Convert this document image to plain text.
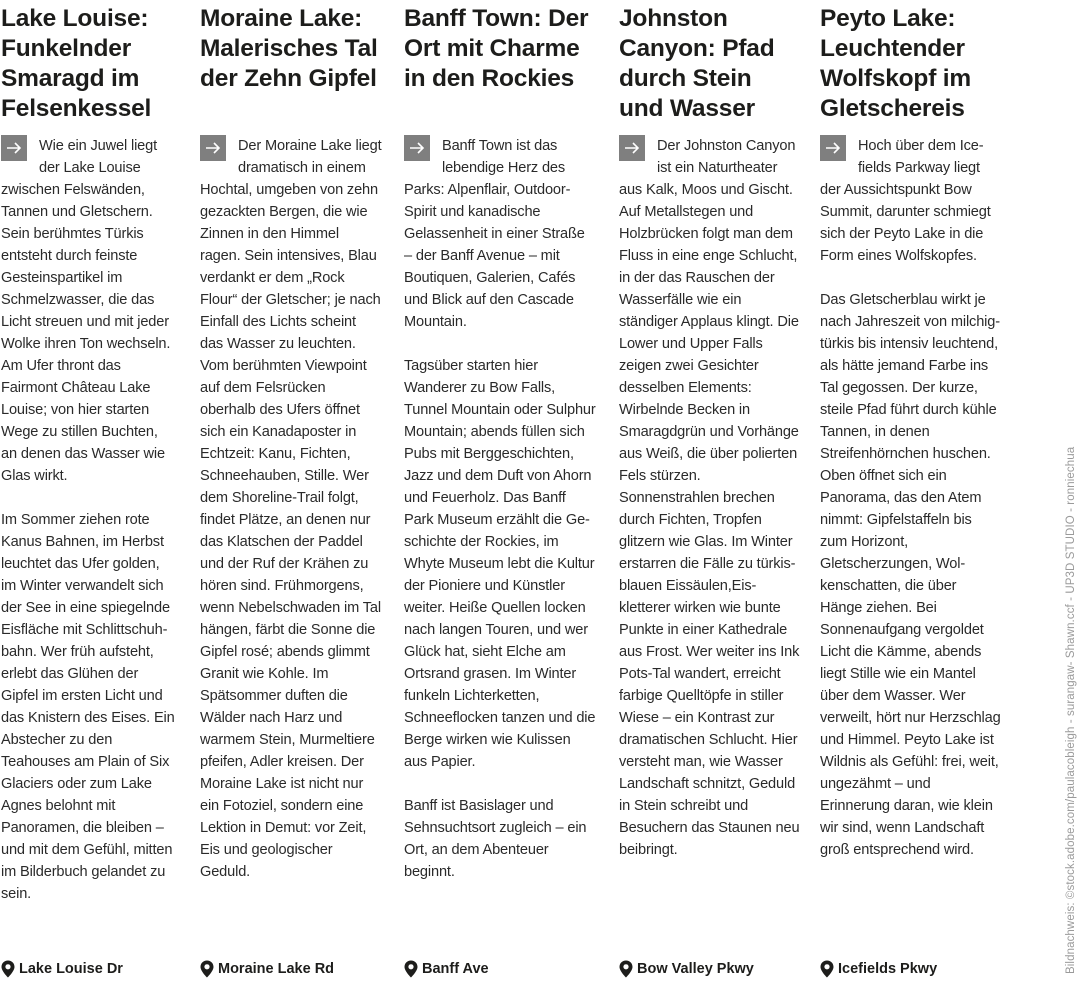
Lake Louise: Funkelnder Smaragd im Felsenkessel

Wie ein Juwel liegt der Lake Louise zwischen Felswänden, Tannen und Gletschern. Sein berühmtes Türkis entsteht durch feinste Gesteinspartikel im Schmelzwasser, die das Licht streuen und mit jeder Wolke ihren Ton wechseln. Am Ufer thront das Fairmont Château Lake Louise; von hier starten Wege zu stillen Buchten, an denen das Wasser wie Glas wirkt.

Im Sommer ziehen rote Kanus Bahnen, im Herbst leuchtet das Ufer golden, im Winter verwandelt sich der See in eine spiegelnde Eisfläche mit Schlittschuhbahn. Wer früh aufsteht, erlebt das Glühen der Gipfel im ersten Licht und das Knistern des Eises. Ein Abstecher zu den Teahouses am Plain of Six Glaciers oder zum Lake Agnes belohnt mit Panoramen, die bleiben – und mit dem Gefühl, mitten im Bilderbuch gelandet zu sein.

Lake Louise Dr
Moraine Lake: Malerisches Tal der Zehn Gipfel

Der Moraine Lake liegt dramatisch in einem Hochtal, umgeben von zehn gezackten Bergen, die wie Zinnen in den Himmel ragen. Sein intensives, Blau verdankt er dem „Rock Flour“ der Gletscher; je nach Einfall des Lichts scheint das Wasser zu leuchten. Vom berühmten Viewpoint auf dem Felsrücken oberhalb des Ufers öffnet sich ein Kanadaposter in Echtzeit: Kanu, Fichten, Schneehauben, Stille. Wer dem Shoreline-Trail folgt, findet Plätze, an denen nur das Klatschen der Paddel und der Ruf der Krähen zu hören sind. Frühmorgens, wenn Nebelschwaden im Tal hängen, färbt die Sonne die Gipfel rosé; abends glimmt Granit wie Kohle. Im Spätsommer duften die Wälder nach Harz und warmem Stein, Murmeltiere pfeifen, Adler kreisen. Der Moraine Lake ist nicht nur ein Fotoziel, sondern eine Lektion in Demut: vor Zeit, Eis und geologischer Geduld.

Moraine Lake Rd
Banff Town: Der Ort mit Charme in den Rockies

Banff Town ist das lebendige Herz des Parks: Alpenflair, Outdoor-Spirit und kanadische Gelassenheit in einer Straße – der Banff Avenue – mit Boutiquen, Galerien, Cafés und Blick auf den Cascade Mountain.

Tagsüber starten hier Wanderer zu Bow Falls, Tunnel Mountain oder Sulphur Mountain; abends füllen sich Pubs mit Berggeschichten, Jazz und dem Duft von Ahorn und Feuerholz. Das Banff Park Museum erzählt die Geschichte der Rockies, im Whyte Museum lebt die Kultur der Pioniere und Künstler weiter. Heiße Quellen locken nach langen Touren, und wer Glück hat, sieht Elche am Ortsrand grasen. Im Winter funkeln Lichterketten, Schneeflocken tanzen und die Berge wirken wie Kulissen aus Papier.

Banff ist Basislager und Sehnsuchtsort zugleich – ein Ort, an dem Abenteuer beginnt.

Banff Ave
Johnston Canyon: Pfad durch Stein und Wasser

Der Johnston Canyon ist ein Naturtheater aus Kalk, Moos und Gischt. Auf Metallstegen und Holzbrücken folgt man dem Fluss in eine enge Schlucht, in der das Rauschen der Wasserfälle wie ein ständiger Applaus klingt. Die Lower und Upper Falls zeigen zwei Gesichter desselben Elements: Wirbelnde Becken in Smaragdgrün und Vorhänge aus Weiß, die über polierten Fels stürzen. Sonnenstrahlen brechen durch Fichten, Tropfen glitzern wie Glas. Im Winter erstarren die Fälle zu türkisblauen Eissäulen,Eiskletterer wirken wie bunte Punkte in einer Kathedrale aus Frost. Wer weiter ins Ink Pots-Tal wandert, erreicht farbige Quelltöpfe in stiller Wiese – ein Kontrast zur dramatischen Schlucht. Hier versteht man, wie Wasser Landschaft schnitzt, Geduld in Stein schreibt und Besuchern das Staunen neu beibringt.

Bow Valley Pkwy
Peyto Lake: Leuchtender Wolfskopf im Gletschereis

Hoch über dem Icefields Parkway liegt der Aussichtspunkt Bow Summit, darunter schmiegt sich der Peyto Lake in die Form eines Wolfskopfes.

Das Gletscherblau wirkt je nach Jahreszeit von milchig-türkis bis intensiv leuchtend, als hätte jemand Farbe ins Tal gegossen. Der kurze, steile Pfad führt durch kühle Tannen, in denen Streifenhörnchen huschen. Oben öffnet sich ein Panorama, das den Atem nimmt: Gipfelstaffeln bis zum Horizont, Gletscherzungen, Wolkenschatten, die über Hänge ziehen. Bei Sonnenaufgang vergoldet Licht die Kämme, abends liegt Stille wie ein Mantel über dem Wasser. Wer verweilt, hört nur Herzschlag und Himmel. Peyto Lake ist Wildnis als Gefühl: frei, weit, ungezähmt – und Erinnerung daran, wie klein wir sind, wenn Landschaft groß entsprechend wird.

Icefields Pkwy	Bildnachweis: ©stock.adobe.com/paulacobleigh - surangaw- Shawn.ccf - UP3D STUDIO - ronniechua
